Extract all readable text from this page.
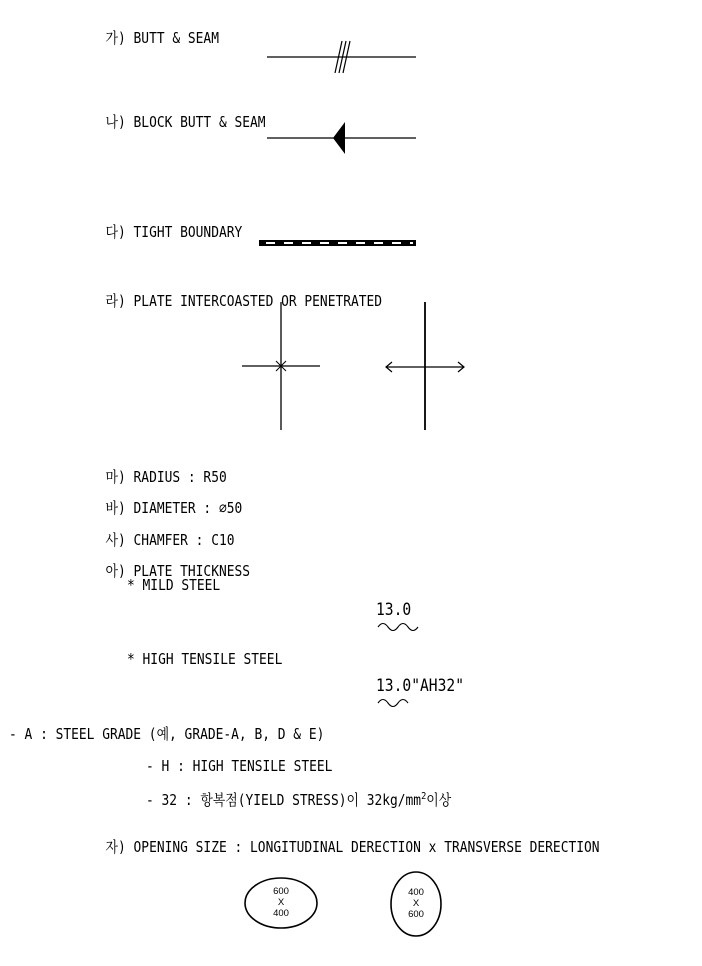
가) BUTT & SEAM

나) BLOCK BUTT & SEAM

다) TIGHT BOUNDARY

라) PLATE INTERCOASTED OR PENETRATED

마) RADIUS : R50

바) DIAMETER : ∅50

사) CHAMFER : C10

아) PLATE THICKNESS

* MILD STEEL
13.0
* HIGH TENSILE STEEL
13.0"AH32"
- A : STEEL GRADE (예, GRADE-A, B, D & E)
- H : HIGH TENSILE STEEL
- 32 : 항복점(YIELD STRESS)이 $32kg/mm^2$이상

자) OPENING SIZE : LONGITUDINAL DERECTION x TRANSVERSE DERECTION

600
X
400
400
X
600
